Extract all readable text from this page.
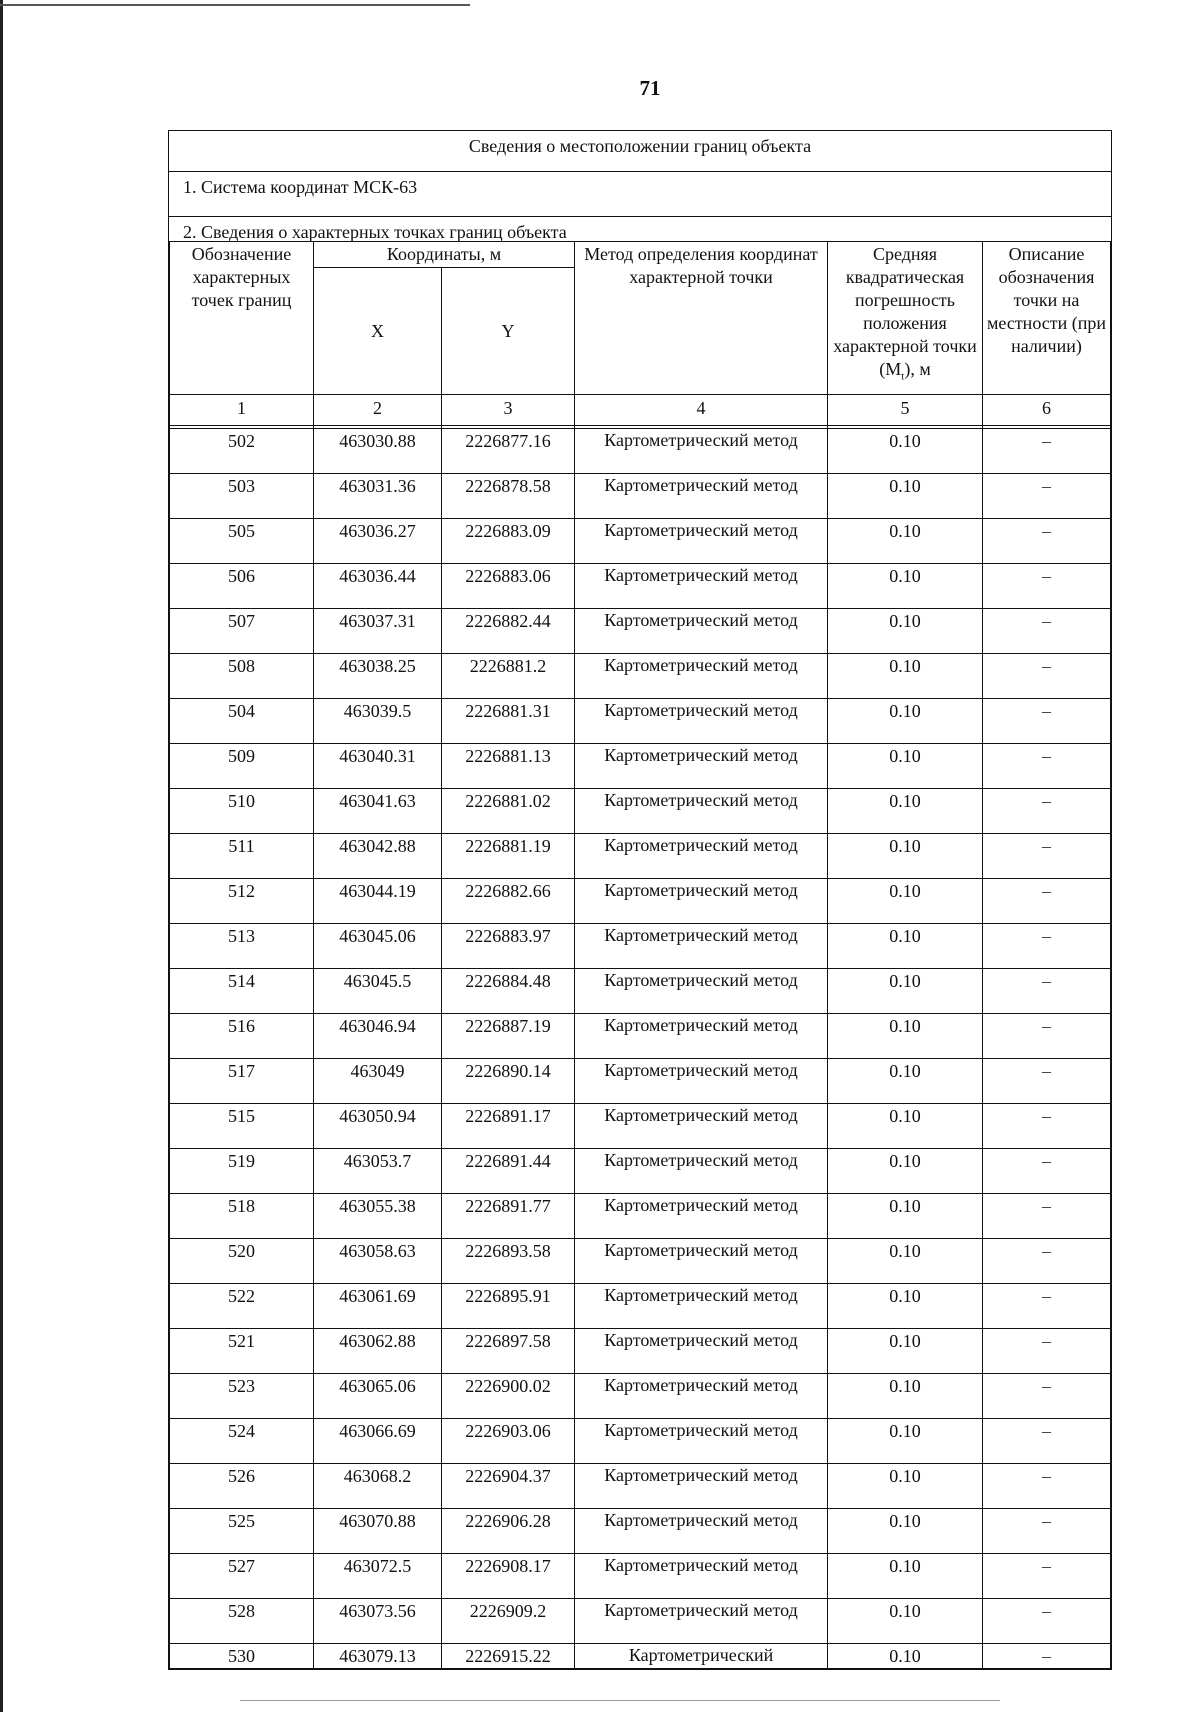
71
Сведения о местоположении границ объекта
1. Система координат МСК-63
2. Сведения о характерных точках границ объекта
Обозначение характерных точек границ	Координаты, м		Метод определения координат характерной точки	Средняя квадратическая погрешность положения характерной точки $(M_t)$, м	Описание обозначения точки на местности (при наличии)
	X	Y			
1	2	3	4	5	6

502	463030.88	2226877.16	Картометрический метод	0.10	–
503	463031.36	2226878.58	Картометрический метод	0.10	–
505	463036.27	2226883.09	Картометрический метод	0.10	–
506	463036.44	2226883.06	Картометрический метод	0.10	–
507	463037.31	2226882.44	Картометрический метод	0.10	–
508	463038.25	2226881.2	Картометрический метод	0.10	–
504	463039.5	2226881.31	Картометрический метод	0.10	–
509	463040.31	2226881.13	Картометрический метод	0.10	–
510	463041.63	2226881.02	Картометрический метод	0.10	–
511	463042.88	2226881.19	Картометрический метод	0.10	–
512	463044.19	2226882.66	Картометрический метод	0.10	–
513	463045.06	2226883.97	Картометрический метод	0.10	–
514	463045.5	2226884.48	Картометрический метод	0.10	–
516	463046.94	2226887.19	Картометрический метод	0.10	–
517	463049	2226890.14	Картометрический метод	0.10	–
515	463050.94	2226891.17	Картометрический метод	0.10	–
519	463053.7	2226891.44	Картометрический метод	0.10	–
518	463055.38	2226891.77	Картометрический метод	0.10	–
520	463058.63	2226893.58	Картометрический метод	0.10	–
522	463061.69	2226895.91	Картометрический метод	0.10	–
521	463062.88	2226897.58	Картометрический метод	0.10	–
523	463065.06	2226900.02	Картометрический метод	0.10	–
524	463066.69	2226903.06	Картометрический метод	0.10	–
526	463068.2	2226904.37	Картометрический метод	0.10	–
525	463070.88	2226906.28	Картометрический метод	0.10	–
527	463072.5	2226908.17	Картометрический метод	0.10	–
528	463073.56	2226909.2	Картометрический метод	0.10	–
530	463079.13	2226915.22	Картометрический	0.10	–
